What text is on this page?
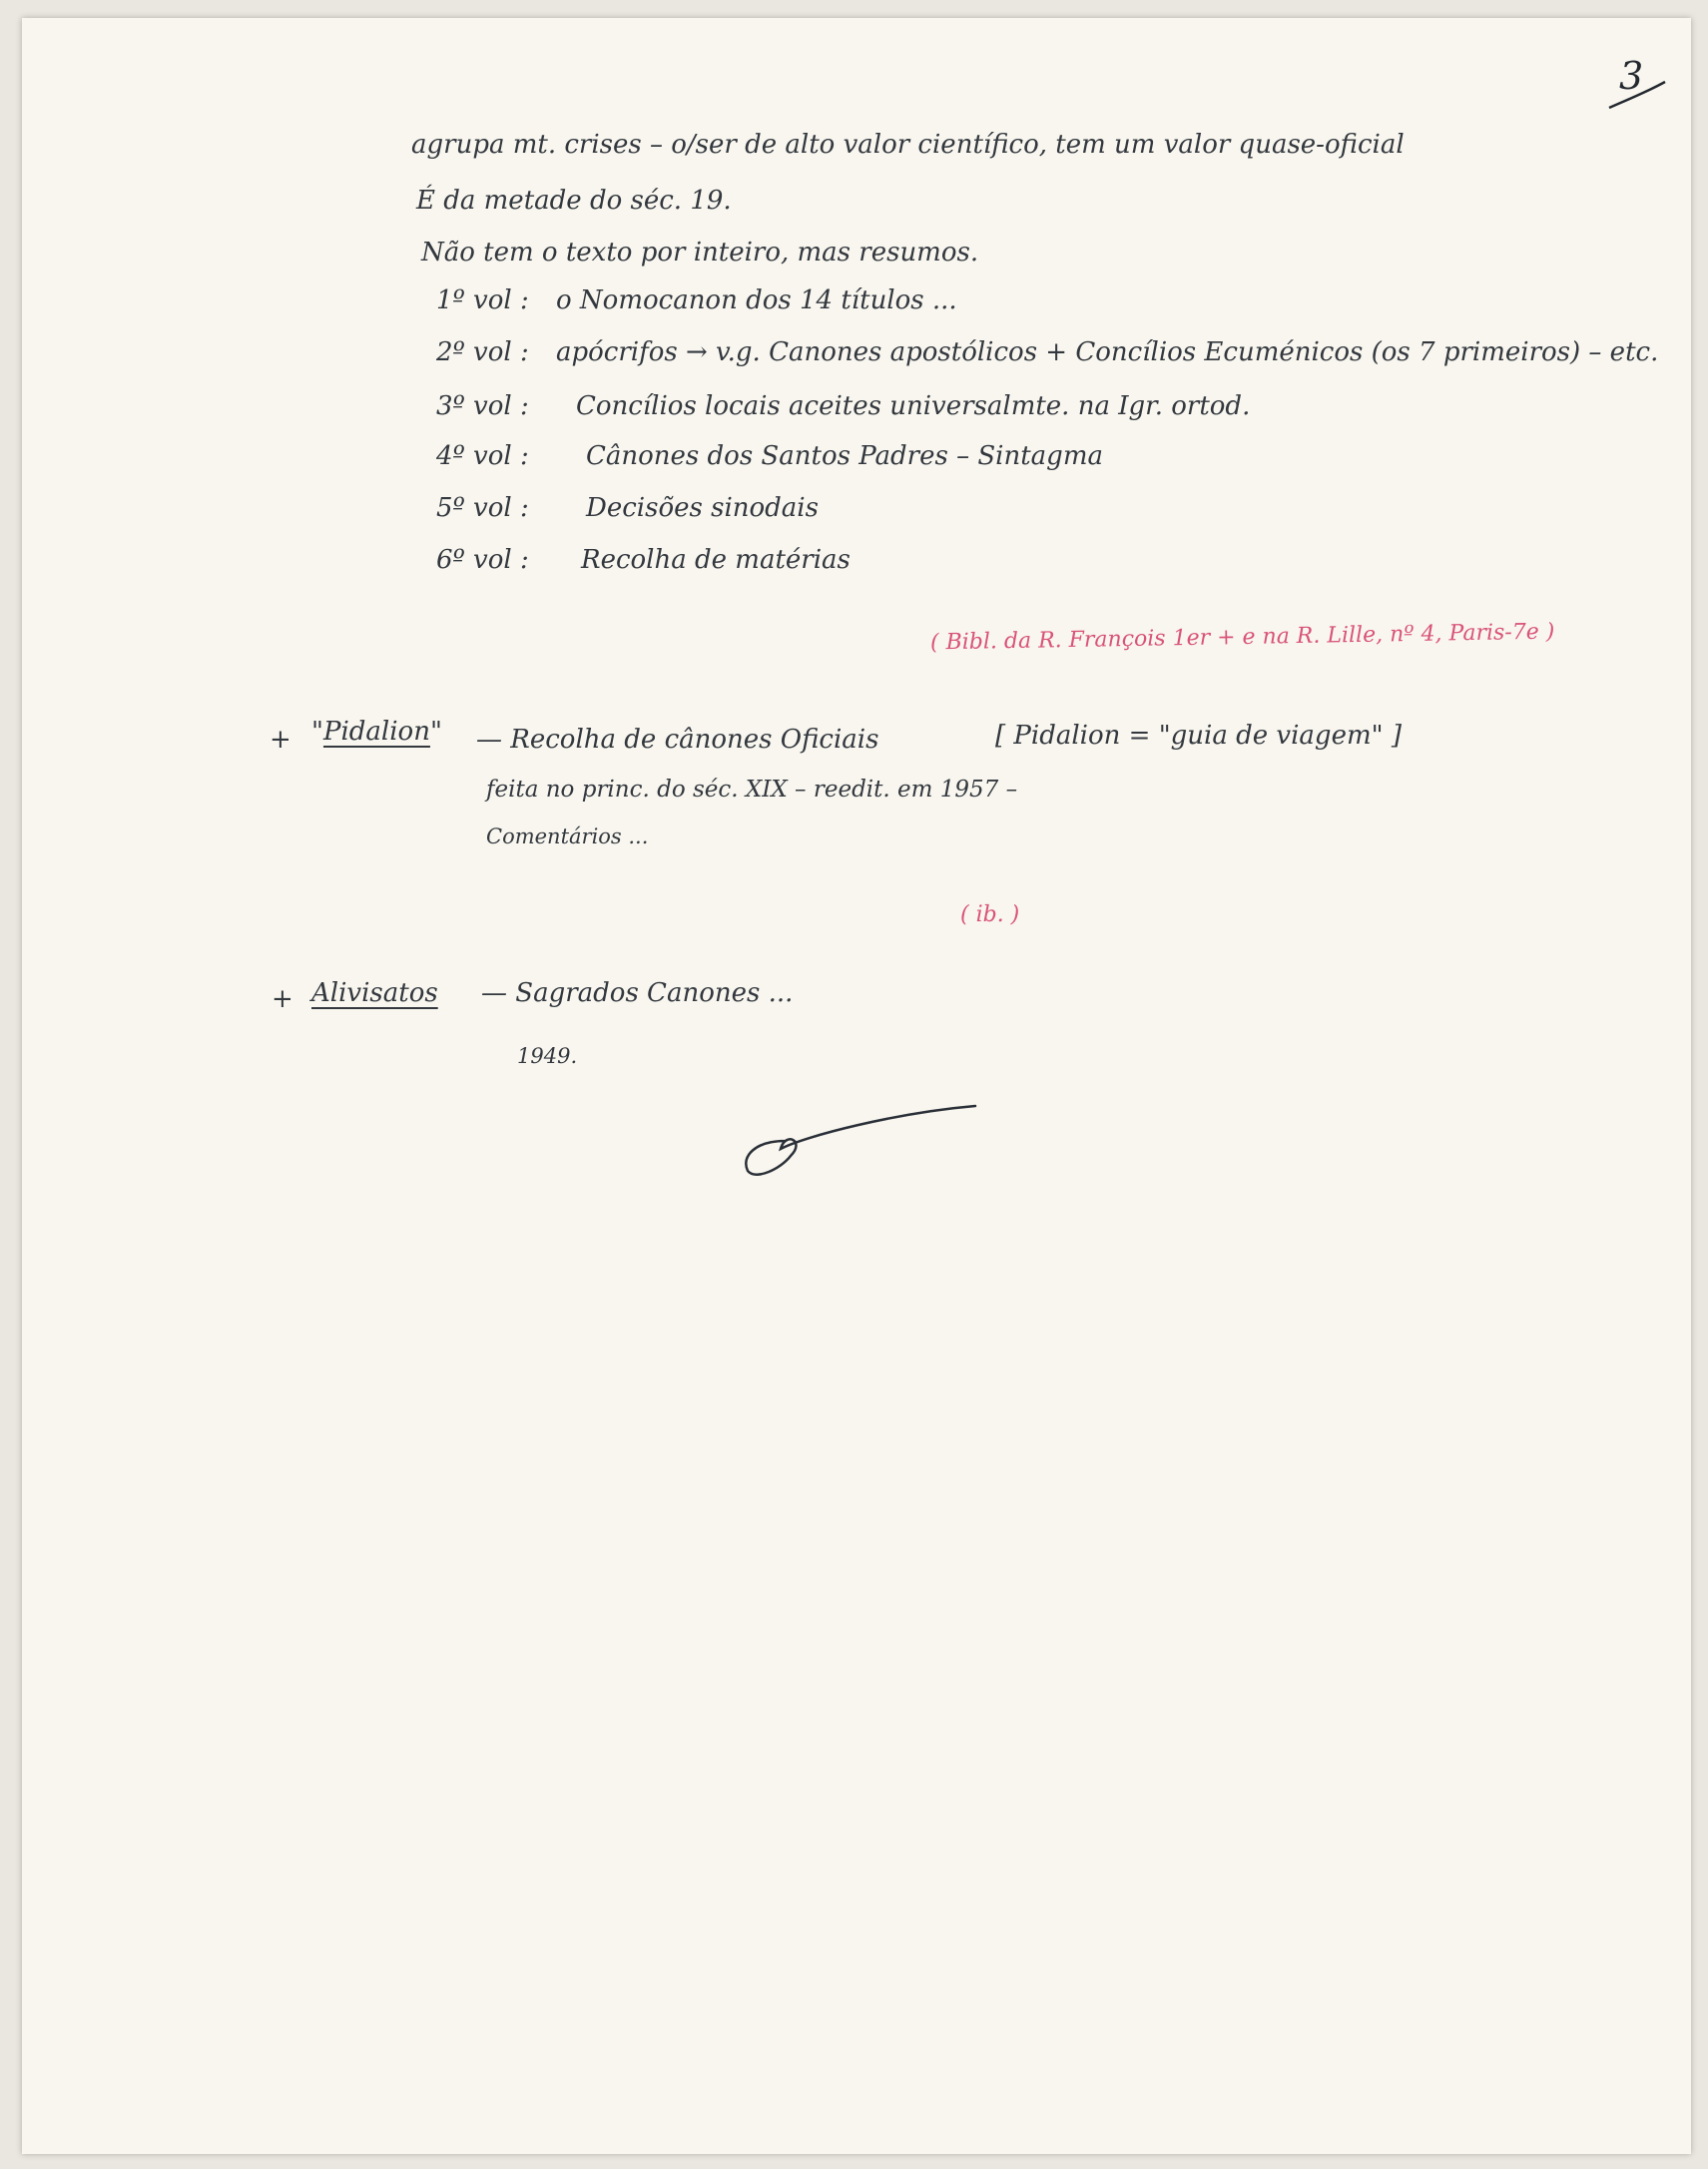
3
agrupa mt. crises – o/ser de alto valor científico, tem um valor quase-oficial
É da metade do séc. 19.
Não tem o texto por inteiro, mas resumos.
1º vol : o Nomocanon dos 14 títulos ...
2º vol : apócrifos → v.g. Canones apostólicos + Concílios Ecuménicos (os 7 primeiros) – etc.
3º vol : Concílios locais aceites universalmte. na Igr. ortod.
4º vol : Cânones dos Santos Padres – Sintagma
5º vol : Decisões sinodais
6º vol : Recolha de matérias
( Bibl. da R. François 1er + e na R. Lille, nº 4, Paris-7e )
+ "Pidalion" — Recolha de cânones Oficiais	[ Pidalion = "guia de viagem" ]
feita no princ. do séc. XIX – reedit. em 1957 –
Comentários ...
( ib. )
+ Alivisatos — Sagrados Canones ...
1949.
